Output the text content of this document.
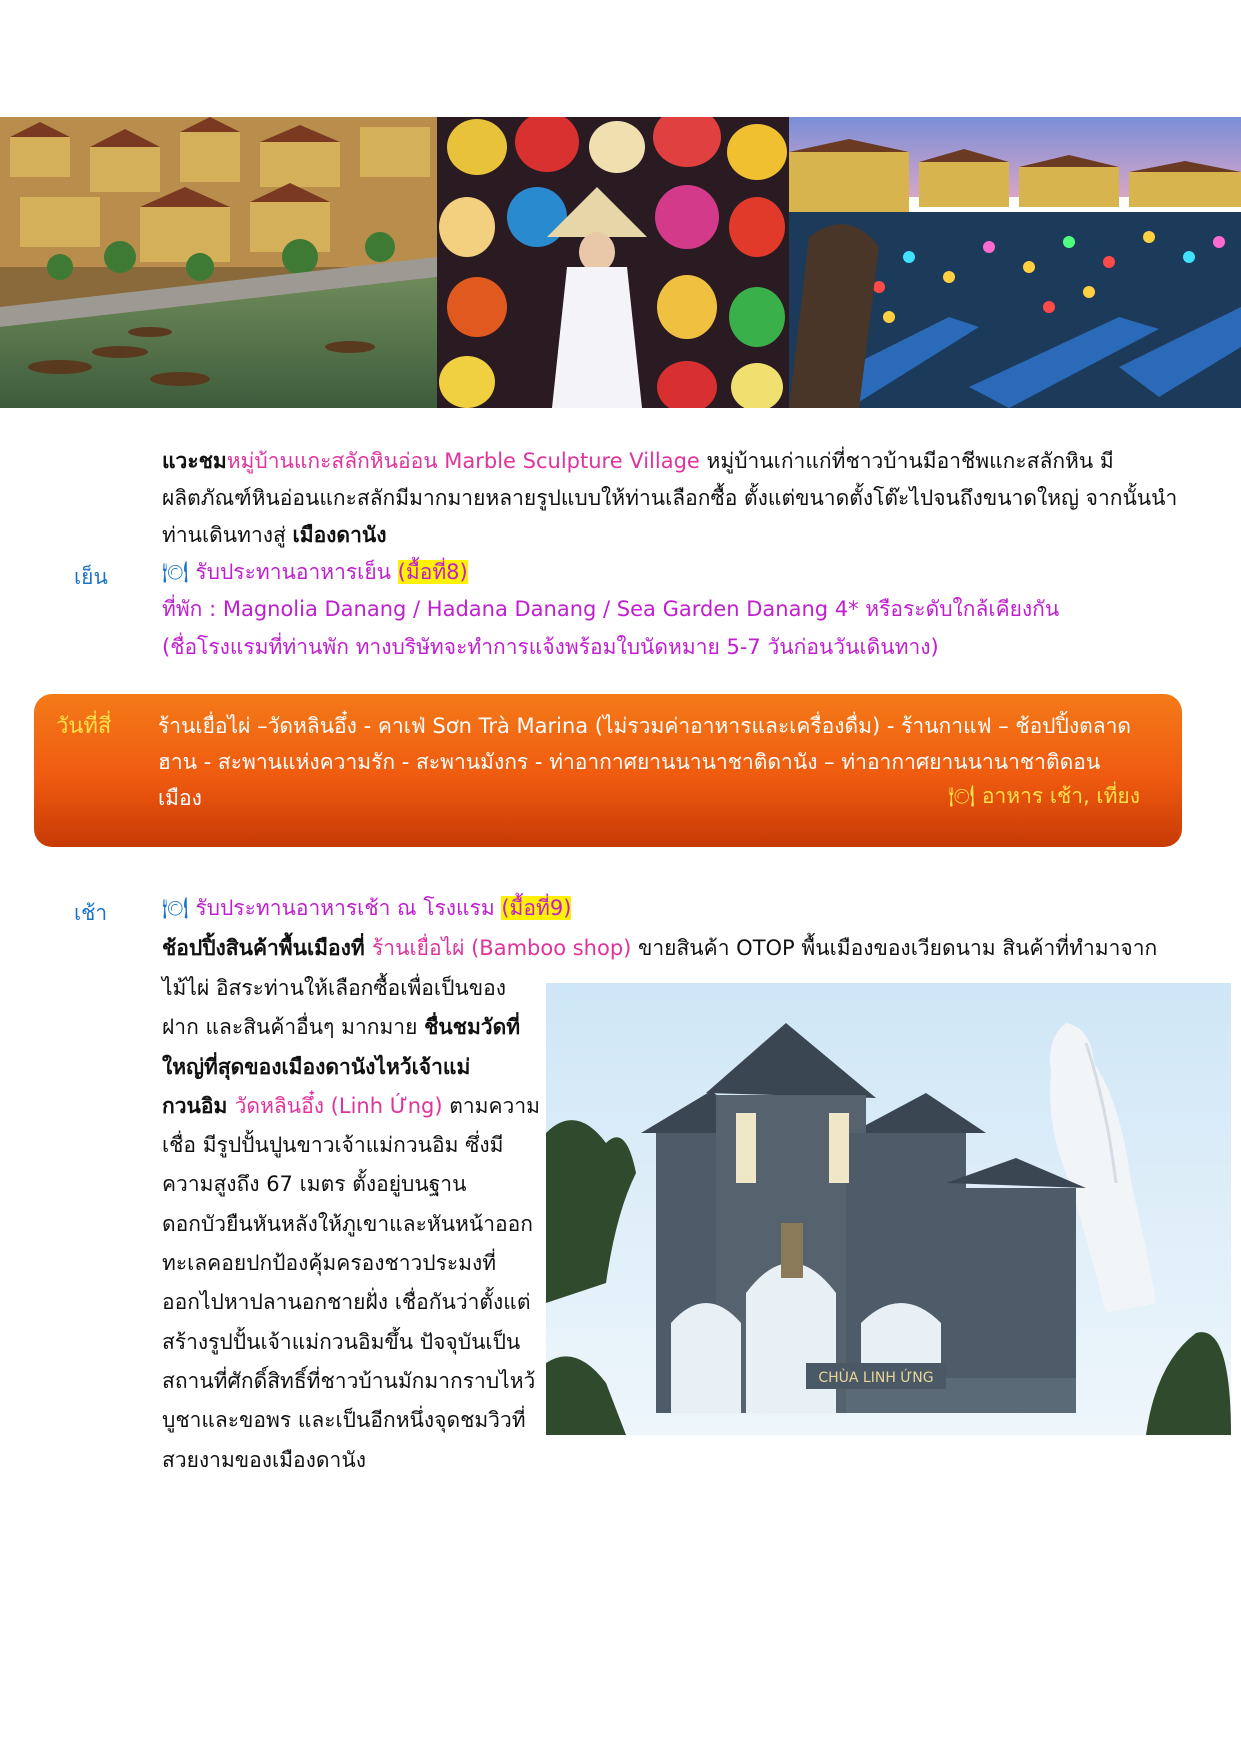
แวะชมหมู่บ้านแกะสลักหินอ่อน Marble Sculpture Village หมู่บ้านเก่าแก่ที่ชาวบ้านมีอาชีพแกะสลักหิน มี
ผลิตภัณฑ์หินอ่อนแกะสลักมีมากมายหลายรูปแบบให้ท่านเลือกซื้อ ตั้งแต่ขนาดตั้งโต๊ะไปจนถึงขนาดใหญ่ จากนั้นนำ
ท่านเดินทางสู่ เมืองดานัง
เย็น	🍽 รับประทานอาหารเย็น (มื้อที่8)
ที่พัก : Magnolia Danang / Hadana Danang / Sea Garden Danang 4* หรือระดับใกล้เคียงกัน
(ชื่อโรงแรมที่ท่านพัก ทางบริษัทจะทำการแจ้งพร้อมใบนัดหมาย 5-7 วันก่อนวันเดินทาง)
วันที่สี่ ร้านเยื่อไผ่ –วัดหลินอึ๋ง - คาเฟ่ Sơn Trà Marina (ไม่รวมค่าอาหารและเครื่องดื่ม) - ร้านกาแฟ – ช้อปปิ้งตลาด
ฮาน - สะพานแห่งความรัก - สะพานมังกร - ท่าอากาศยานนานาชาติดานัง – ท่าอากาศยานนานาชาติดอน
เมือง	🍽 อาหาร เช้า, เที่ยง
เช้า	🍽 รับประทานอาหารเช้า ณ โรงแรม (มื้อที่9)
ช้อปปิ้งสินค้าพื้นเมืองที่ ร้านเยื่อไผ่ (Bamboo shop) ขายสินค้า OTOP พื้นเมืองของเวียดนาม สินค้าที่ทำมาจาก
ไม้ไผ่ อิสระท่านให้เลือกซื้อเพื่อเป็นของ
ฝาก และสินค้าอื่นๆ มากมาย ชื่นชมวัดที่
ใหญ่ที่สุดของเมืองดานังไหว้เจ้าแม่
กวนอิม วัดหลินอึ๋ง (Linh Ứng) ตามความ
เชื่อ มีรูปปั้นปูนขาวเจ้าแม่กวนอิม ซึ่งมี
ความสูงถึง 67 เมตร ตั้งอยู่บนฐาน
ดอกบัวยืนหันหลังให้ภูเขาและหันหน้าออก
ทะเลคอยปกป้องคุ้มครองชาวประมงที่
ออกไปหาปลานอกชายฝั่ง เชื่อกันว่าตั้งแต่
สร้างรูปปั้นเจ้าแม่กวนอิมขึ้น ปัจจุบันเป็น
สถานที่ศักดิ์สิทธิ์ที่ชาวบ้านมักมากราบไหว้
บูชาและขอพร และเป็นอีกหนึ่งจุดชมวิวที่
สวยงามของเมืองดานัง
CHÙA LINH ỨNG
